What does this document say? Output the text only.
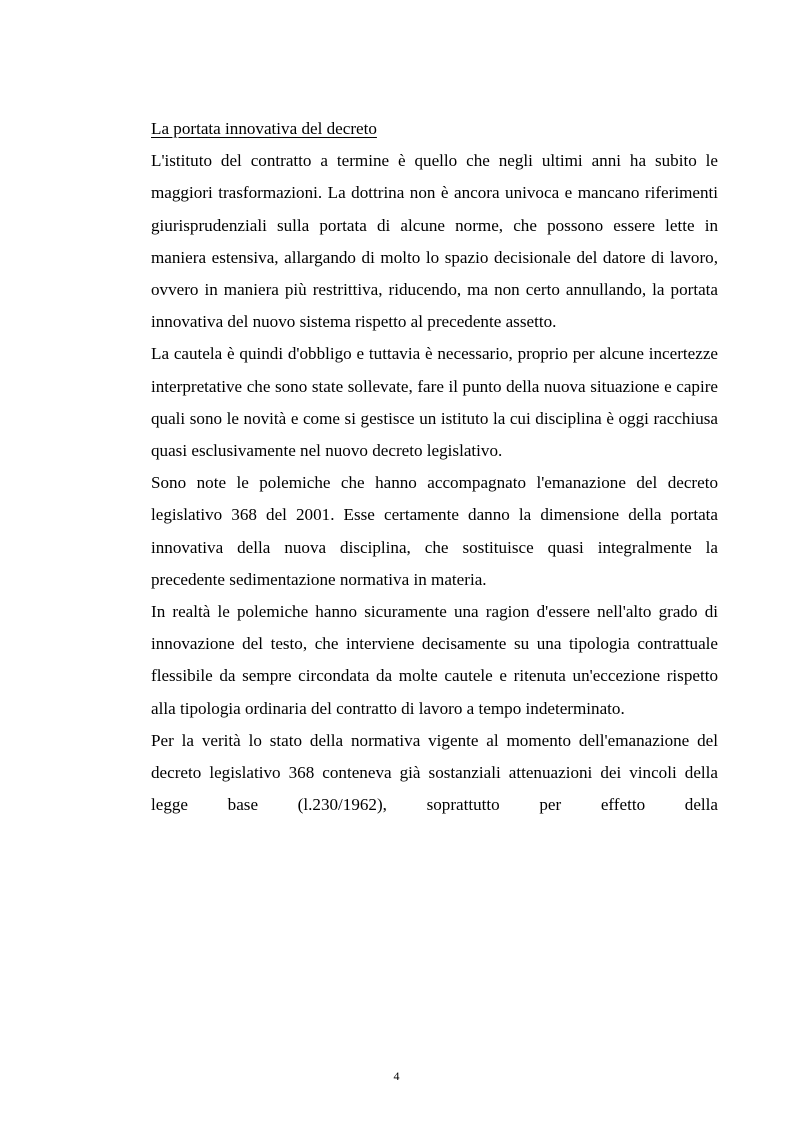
La portata innovativa del decreto

L'istituto del contratto a termine è quello che negli ultimi anni ha subito le maggiori trasformazioni. La dottrina non è ancora univoca e mancano riferimenti giurisprudenziali sulla portata di alcune norme, che possono essere lette in maniera estensiva, allargando di molto lo spazio decisionale del datore di lavoro, ovvero in maniera più restrittiva, riducendo, ma non certo annullando, la portata innovativa del nuovo sistema rispetto al precedente assetto.

La cautela è quindi d'obbligo e tuttavia è necessario, proprio per alcune incertezze interpretative che sono state sollevate, fare il punto della nuova situazione e capire quali sono le novità e come si gestisce un istituto la cui disciplina è oggi racchiusa quasi esclusivamente nel nuovo decreto legislativo.

Sono note le polemiche che hanno accompagnato l'emanazione del decreto legislativo 368 del 2001. Esse certamente danno la dimensione della portata innovativa della nuova disciplina, che sostituisce quasi integralmente la precedente sedimentazione normativa in materia.

In realtà le polemiche hanno sicuramente una ragion d'essere nell'alto grado di innovazione del testo, che interviene decisamente su una tipologia contrattuale flessibile da sempre circondata da molte cautele e ritenuta un'eccezione rispetto alla tipologia ordinaria del contratto di lavoro a tempo indeterminato.

Per la verità lo stato della normativa vigente al momento dell'emanazione del decreto legislativo 368 conteneva già sostanziali attenuazioni dei vincoli della legge base (l.230/1962), soprattutto per effetto della

4
